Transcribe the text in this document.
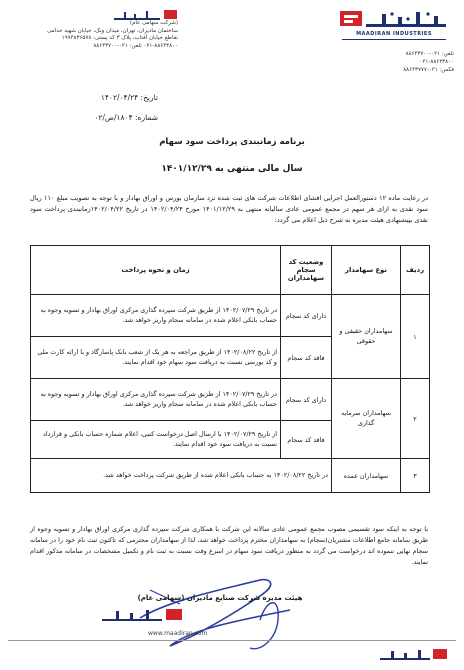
MAADIRAN INDUSTRIES
تلفن: ۰۲۱-۸۸۶۴۳۷۰۰
۰۲۱-۸۸۶۴۳۸۰۰
فکس: ۰۲۱-۸۸۶۴۳۷۷۷
(شرکت سهامی عام)
ساختمان مادیران، تهران، میدان ونک، خیابان شهید خدامی
تقاطع خیابان آفتاب، پلاک ۳ کد پستی: ۱۹۹۴۸۳۶۵۷۸
۰۲۱-۸۸۶۴۳۸۰۰ تلفن: ۰۲۱-۸۸۶۴۳۷۰۰
تاریخ: ۱۴۰۲/۰۴/۲۴
شماره: ۱۸۰۴/ص/۰۲
برنامه زمانبندی پرداخت سود سهام
سال مالی منتهی به ۱۴۰۱/۱۲/۲۹
در رعایت ماده ۱۲ دستورالعمل اجرایی افشای اطلاعات شرکت های ثبت شده نزد سازمان بورس و اوراق بهادار و با توجه به تصویب مبلغ ۱۱۰ ریال سود نقدی به ازای هر سهم در مجمع عمومی عادی سالیانه منتهی به ۱۴۰۱/۱۲/۲۹ مورخ ۱۴۰۲/۰۴/۲۴ در تاریخ ۱۴۰۲/۰۴/۲۲زمانبندی پرداخت سود نقدی بپیشنهادی هیئت مدیره به شرح ذیل اعلام می گردد:
ردیف	نوع سهامدار	وضعیت کد سجام سهامداران	زمان و نحوه پرداخت
۱	سهامداران حقیقی و حقوقی	دارای کد سجام	در تاریخ ۱۴۰۲/۰۷/۲۹ از طریق شرکت سپرده گذاری مرکزی اوراق بهادار و تسویه وجوه به حساب بانکی اعلام شده در سامانه سجام واریز خواهد شد.
		فاقد کد سجام	از تاریخ ۱۴۰۲/۰۸/۲۲ از طریق مراجعه به هر یک از شعب بانک پاسارگاد و با ارائه کارت ملی و کد بورسی نسبت به دریافت سود سهام خود اقدام نمایند.
۲	سهامداران سرمایه گذاری	دارای کد سجام	در تاریخ ۱۴۰۲/۰۷/۲۹ از طریق شرکت سپرده گذاری مرکزی اوراق بهادار و تسویه وجوه به حساب بانکی اعلام شده در سامانه سجام واریز خواهد شد.
		فاقد کد سجام	از تاریخ ۱۴۰۲/۰۷/۲۹ با ارسال اصل درخواست کتبی، اعلام شماره حساب بانکی و قرارداد نسبت به دریافت سود خود اقدام نمایند.
۳	سهامداران عمده	در تاریخ ۱۴۰۲/۰۸/۲۲ به حساب بانکی اعلام شده از طریق شرکت پرداخت خواهد شد.	
با توجه به اینکه سود تقسیمی مصوب مجمع عمومی عادی سالانه این شرکت با همکاری شرکت سپرده گذاری مرکزی اوراق بهادار و تسویه وجوه از طریق سامانه جامع اطلاعات مشتریان(سجام) به سهامداران محترم پرداخت خواهد شد، لذا از سهامداران محترمی که تاکنون ثبت نام خود را در سامانه سجام نهایی ننموده اند درخواست می گردد به منظور دریافت سود سهام در اسرع وقت نسبت به ثبت نام و تکمیل مشخصات در سامانه مذکور اقدام نمایند.
هیئت مدیره شرکت صنایع مادیران (سهامی عام)
www.maadiran.com
